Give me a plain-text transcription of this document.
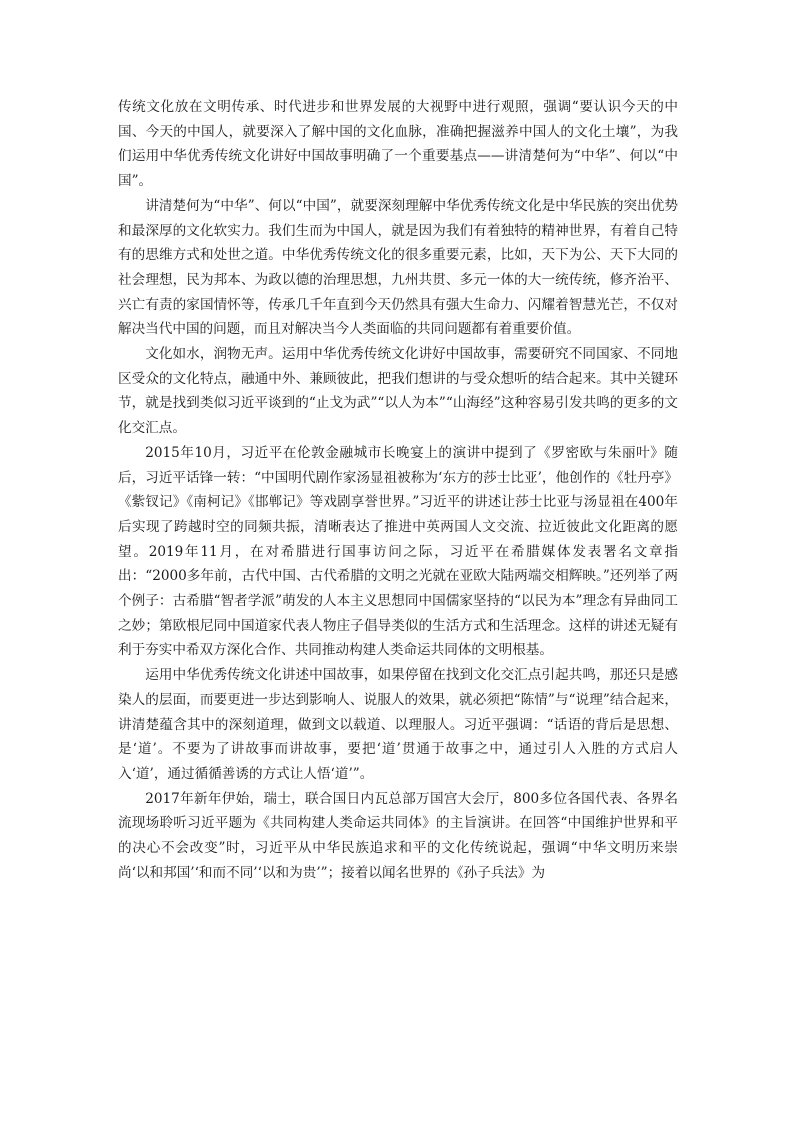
传统文化放在文明传承、时代进步和世界发展的大视野中进行观照，强调“要认识今天的中国、今天的中国人，就要深入了解中国的文化血脉，准确把握滋养中国人的文化土壤”，为我们运用中华优秀传统文化讲好中国故事明确了一个重要基点——讲清楚何为“中华”、何以“中国”。

讲清楚何为“中华”、何以“中国”，就要深刻理解中华优秀传统文化是中华民族的突出优势和最深厚的文化软实力。我们生而为中国人，就是因为我们有着独特的精神世界，有着自己特有的思维方式和处世之道。中华优秀传统文化的很多重要元素，比如，天下为公、天下大同的社会理想，民为邦本、为政以德的治理思想，九州共贯、多元一体的大一统传统，修齐治平、兴亡有责的家国情怀等，传承几千年直到今天仍然具有强大生命力、闪耀着智慧光芒，不仅对解决当代中国的问题，而且对解决当今人类面临的共同问题都有着重要价值。

文化如水，润物无声。运用中华优秀传统文化讲好中国故事，需要研究不同国家、不同地区受众的文化特点，融通中外、兼顾彼此，把我们想讲的与受众想听的结合起来。其中关键环节，就是找到类似习近平谈到的“止戈为武”“以人为本”“山海经”这种容易引发共鸣的更多的文化交汇点。

2015年10月，习近平在伦敦金融城市长晚宴上的演讲中提到了《罗密欧与朱丽叶》随后，习近平话锋一转：“中国明代剧作家汤显祖被称为‘东方的莎士比亚’，他创作的《牡丹亭》《紫钗记》《南柯记》《邯郸记》等戏剧享誉世界。”习近平的讲述让莎士比亚与汤显祖在400年后实现了跨越时空的同频共振，清晰表达了推进中英两国人文交流、拉近彼此文化距离的愿望。2019年11月，在对希腊进行国事访问之际，习近平在希腊媒体发表署名文章指出：“2000多年前，古代中国、古代希腊的文明之光就在亚欧大陆两端交相辉映。”还列举了两个例子：古希腊“智者学派”萌发的人本主义思想同中国儒家坚持的“以民为本”理念有异曲同工之妙；第欧根尼同中国道家代表人物庄子倡导类似的生活方式和生活理念。这样的讲述无疑有利于夯实中希双方深化合作、共同推动构建人类命运共同体的文明根基。

运用中华优秀传统文化讲述中国故事，如果停留在找到文化交汇点引起共鸣，那还只是感染人的层面，而要更进一步达到影响人、说服人的效果，就必须把“陈情”与“说理”结合起来，讲清楚蕴含其中的深刻道理，做到文以载道、以理服人。习近平强调：“话语的背后是思想、是‘道’。不要为了讲故事而讲故事，要把‘道’贯通于故事之中，通过引人入胜的方式启人入‘道’，通过循循善诱的方式让人悟‘道’”。

2017年新年伊始，瑞士，联合国日内瓦总部万国宫大会厅，800多位各国代表、各界名流现场聆听习近平题为《共同构建人类命运共同体》的主旨演讲。在回答“中国维护世界和平的决心不会改变”时，习近平从中华民族追求和平的文化传统说起，强调“中华文明历来崇尚‘以和邦国’‘和而不同’‘以和为贵’”；接着以闻名世界的《孙子兵法》为
